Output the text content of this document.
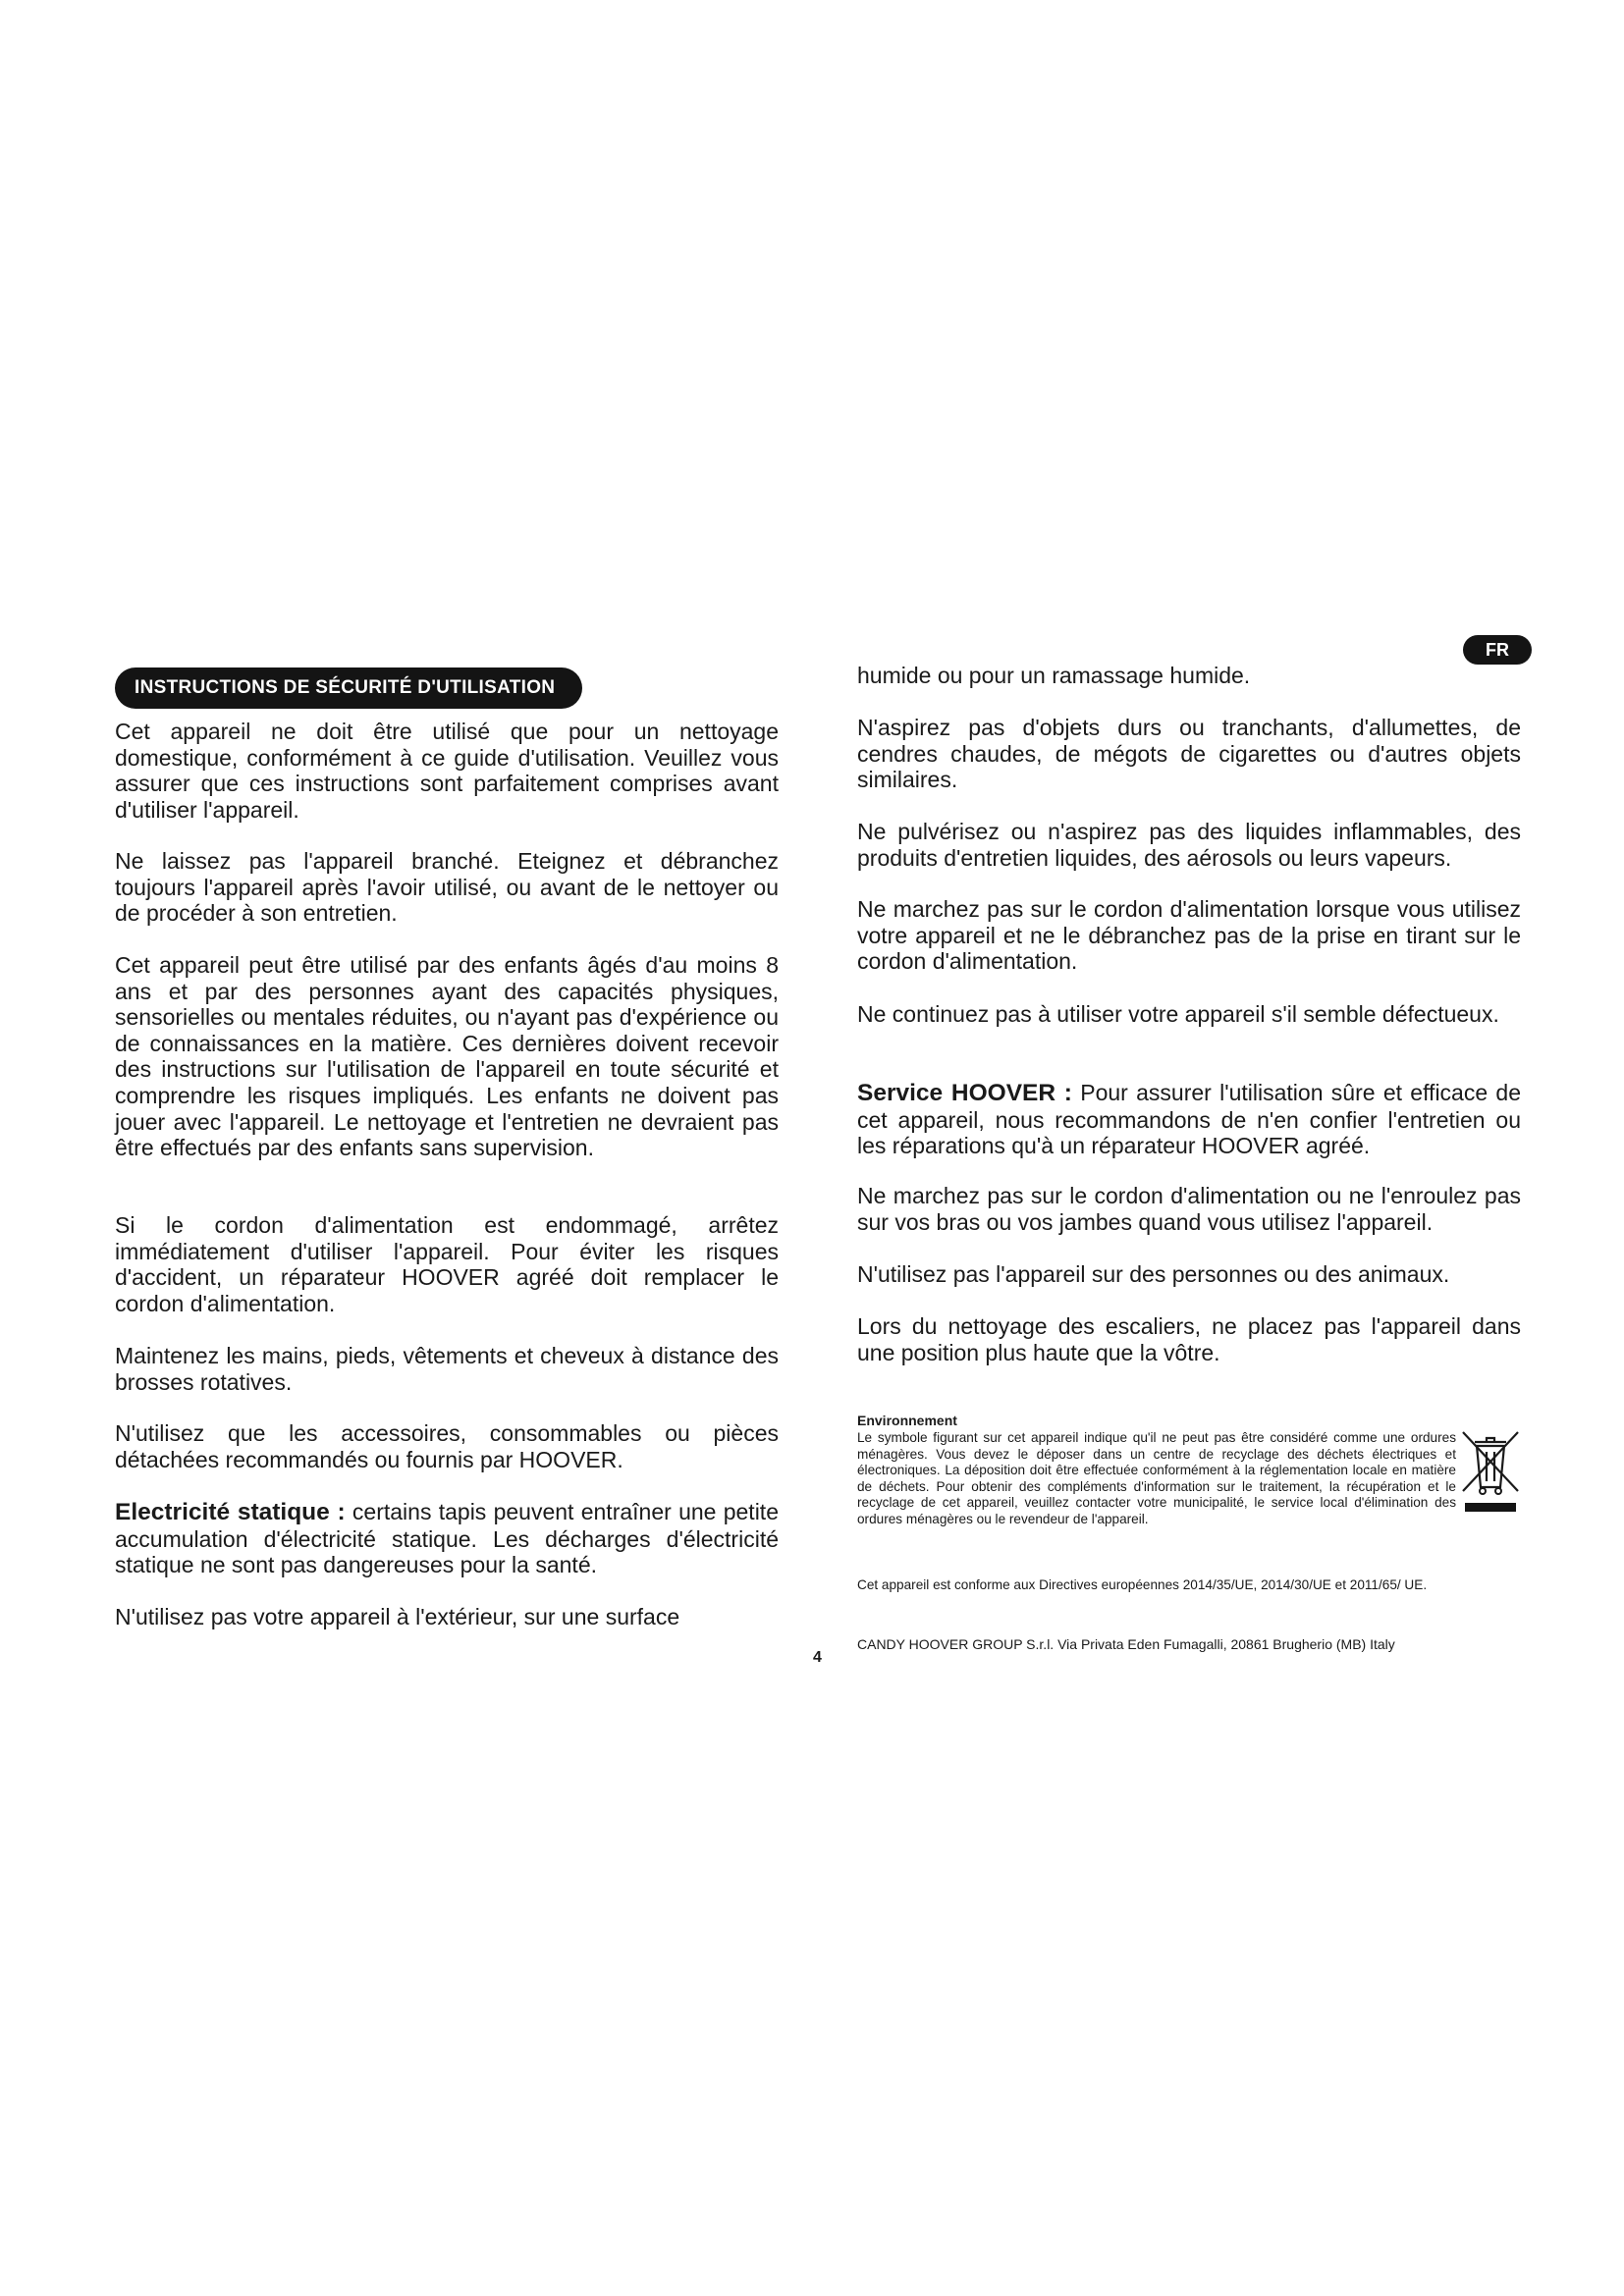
INSTRUCTIONS DE SÉCURITÉ D'UTILISATION
FR

Cet appareil ne doit être utilisé que pour un nettoyage domestique, conformément à ce guide d'utilisation. Veuillez vous assurer que ces instructions sont parfaitement comprises avant d'utiliser l'appareil.

Ne laissez pas l'appareil branché. Eteignez et débranchez toujours l'appareil après l'avoir utilisé, ou avant de le nettoyer ou de procéder à son entretien.

Cet appareil peut être utilisé par des enfants âgés d'au moins 8 ans et par des personnes ayant des capacités physiques, sensorielles ou mentales réduites, ou n'ayant pas d'expérience ou de connaissances en la matière. Ces dernières doivent recevoir des instructions sur l'utilisation de l'appareil en toute sécurité et comprendre les risques impliqués. Les enfants ne doivent pas jouer avec l'appareil. Le nettoyage et l'entretien ne devraient pas être effectués par des enfants sans supervision.

Si le cordon d'alimentation est endommagé, arrêtez immédiatement d'utiliser l'appareil. Pour éviter les risques d'accident, un réparateur HOOVER agréé doit remplacer le cordon d'alimentation.

Maintenez les mains, pieds, vêtements et cheveux à distance des brosses rotatives.

N'utilisez que les accessoires, consommables ou pièces détachées recommandés ou fournis par HOOVER.

Electricité statique : certains tapis peuvent entraîner une petite accumulation d'électricité statique. Les décharges d'électricité statique ne sont pas dangereuses pour la santé.

N'utilisez pas votre appareil à l'extérieur, sur une surface

4

humide ou pour un ramassage humide.

N'aspirez pas d'objets durs ou tranchants, d'allumettes, de cendres chaudes, de mégots de cigarettes ou d'autres objets similaires.

Ne pulvérisez ou n'aspirez pas des liquides inflammables, des produits d'entretien liquides, des aérosols ou leurs vapeurs.

Ne marchez pas sur le cordon d'alimentation lorsque vous utilisez votre appareil et ne le débranchez pas de la prise en tirant sur le cordon d'alimentation.

Ne continuez pas à utiliser votre appareil s'il semble défectueux.

Service HOOVER : Pour assurer l'utilisation sûre et efficace de cet appareil, nous recommandons de n'en confier l'entretien ou les réparations qu'à un réparateur HOOVER agréé.

Ne marchez pas sur le cordon d'alimentation ou ne l'enroulez pas sur vos bras ou vos jambes quand vous utilisez l'appareil.

N'utilisez pas l'appareil sur des personnes ou des animaux.

Lors du nettoyage des escaliers, ne placez pas l'appareil dans une position plus haute que la vôtre.

Environnement

Le symbole figurant sur cet appareil indique qu'il ne peut pas être considéré comme une ordures ménagères. Vous devez le déposer dans un centre de recyclage des déchets électriques et électroniques. La déposition doit être effectuée conformément à la réglementation locale en matière de déchets. Pour obtenir des compléments d'information sur le traitement, la récupération et le recyclage de cet appareil, veuillez contacter votre municipalité, le service local d'élimination des ordures ménagères ou le revendeur de l'appareil.

Cet appareil est conforme aux Directives européennes 2014/35/UE, 2014/30/UE et 2011/65/ UE.

CANDY HOOVER GROUP S.r.l. Via Privata Eden Fumagalli, 20861 Brugherio (MB) Italy
